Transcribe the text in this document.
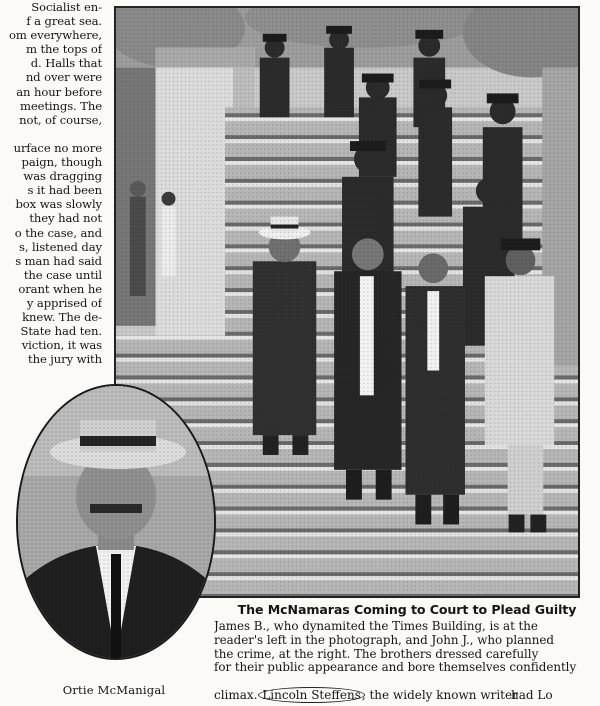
Socialist en-
f a great sea.
om everywhere,
m the tops of
d. Halls that
nd over were
an hour before
meetings. The
not, of course,

urface no more
paign, though
was dragging
s it had been
box was slowly
they had not
o the case, and
s, listened day
s man had said
the case until
orant when he
y apprised of
knew. The de-
State had ten.
viction, it was
the jury with
Ortie McManigal
The McNamaras Coming to Court to Plead Guilty
James B., who dynamited the Times Building, is at the
reader's left in the photograph, and John J., who planned
the crime, at the right. The brothers dressed carefully
for their public appearance and bore themselves confidently
climax. Lincoln Steffens, the widely known writer
had Lo
